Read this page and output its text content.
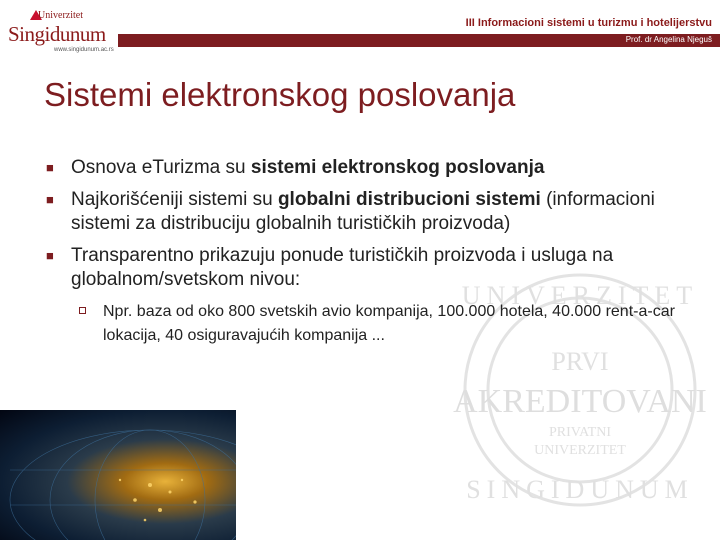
Univerzitet
Singidunum
www.singidunum.ac.rs
III Informacioni sistemi u turizmu i hotelijerstvu
Prof. dr Angelina Njeguš
Sistemi elektronskog poslovanja
UNIVERZITET
SINGIDUNUM
PRVI
AKREDITOVANI
PRIVATNI
UNIVERZITET
■ Osnova eTurizma su sistemi elektronskog poslovanja
■ Najkorišćeniji sistemi su globalni distribucioni sistemi (informacioni sistemi za distribuciju globalnih turističkih proizvoda)
■ Transparentno prikazuju ponude turističkih proizvoda i usluga na globalnom/svetskom nivou:
Npr. baza od oko 800 svetskih avio kompanija, 100.000 hotela, 40.000 rent-a-car lokacija, 40 osiguravajućih kompanija ...
